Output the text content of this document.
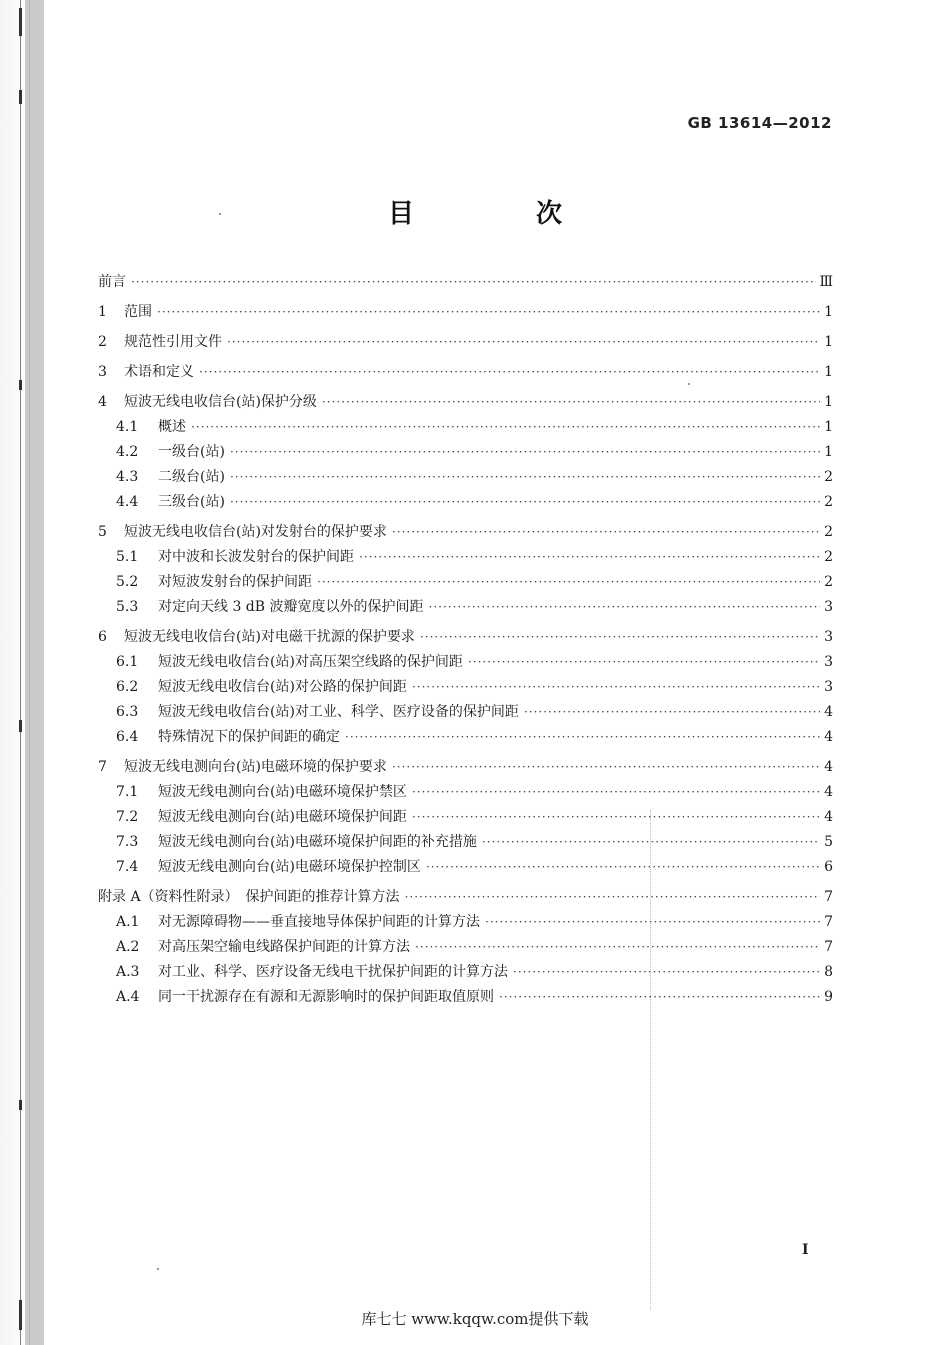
GB 13614—2012
目　次
前言 ·····	Ⅲ
1	范围 ·····	1
2	规范性引用文件 ·····	1
3	术语和定义 ·····	1
4	短波无线电收信台(站)保护分级 ·····	1
4.1	概述 ·····	1
4.2	一级台(站) ·····	1
4.3	二级台(站) ·····	2
4.4	三级台(站) ·····	2
5	短波无线电收信台(站)对发射台的保护要求 ·····	2
5.1	对中波和长波发射台的保护间距 ·····	2
5.2	对短波发射台的保护间距 ·····	2
5.3	对定向天线 3 dB 波瓣宽度以外的保护间距 ·····	3
6	短波无线电收信台(站)对电磁干扰源的保护要求 ·····	3
6.1	短波无线电收信台(站)对高压架空线路的保护间距 ·····	3
6.2	短波无线电收信台(站)对公路的保护间距 ·····	3
6.3	短波无线电收信台(站)对工业、科学、医疗设备的保护间距 ·····	4
6.4	特殊情况下的保护间距的确定 ·····	4
7	短波无线电测向台(站)电磁环境的保护要求 ·····	4
7.1	短波无线电测向台(站)电磁环境保护禁区 ·····	4
7.2	短波无线电测向台(站)电磁环境保护间距 ·····	4
7.3	短波无线电测向台(站)电磁环境保护间距的补充措施 ·····	5
7.4	短波无线电测向台(站)电磁环境保护控制区 ·····	6
附录 A（资料性附录）　保护间距的推荐计算方法 ·····	7
A.1	对无源障碍物——垂直接地导体保护间距的计算方法 ·····	7
A.2	对高压架空输电线路保护间距的计算方法 ·····	7
A.3	对工业、科学、医疗设备无线电干扰保护间距的计算方法 ·····	8
A.4	同一干扰源存在有源和无源影响时的保护间距取值原则 ·····	9
I
库七七 www.kqqw.com提供下载
